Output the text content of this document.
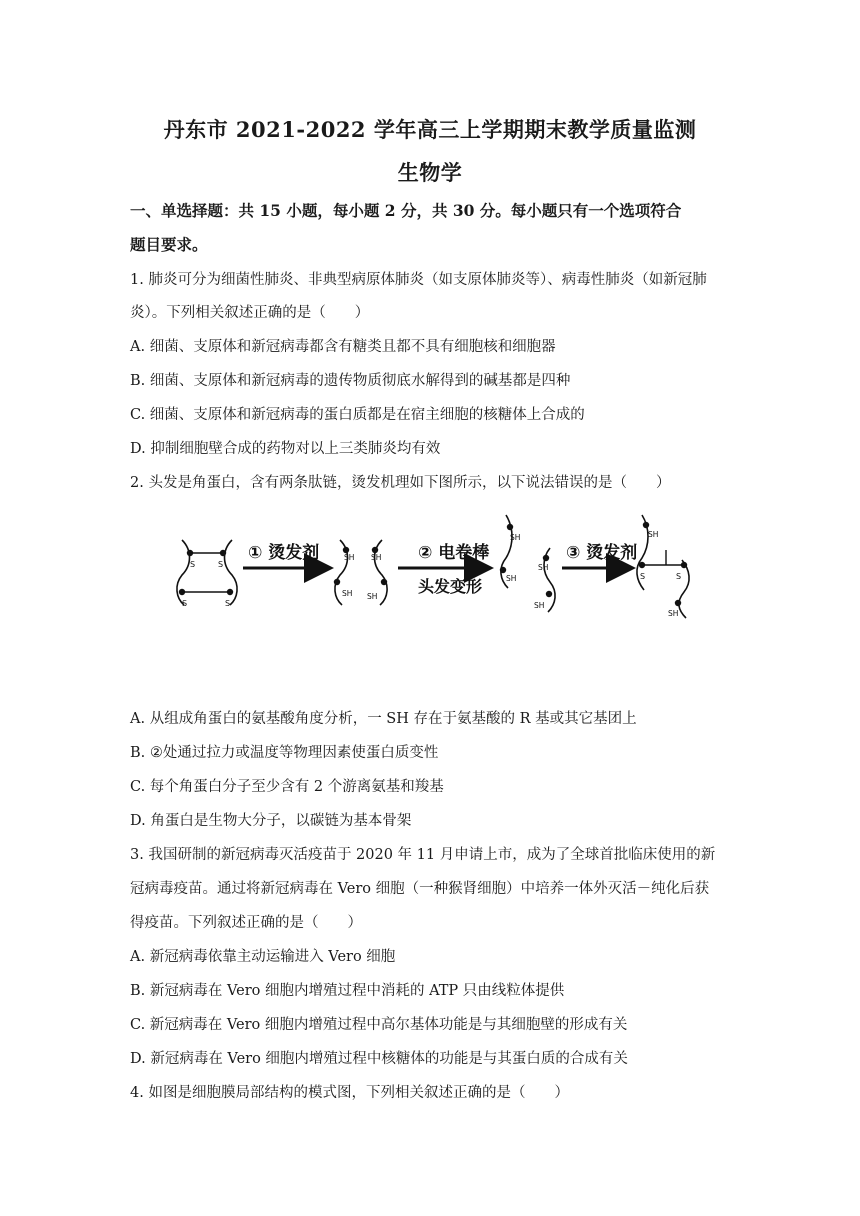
丹东市 2021-2022 学年高三上学期期末教学质量监测
生物学
一、单选择题：共 15 小题，每小题 2 分，共 30 分。每小题只有一个选项符合
题目要求。
1. 肺炎可分为细菌性肺炎、非典型病原体肺炎（如支原体肺炎等）、病毒性肺炎（如新冠肺
炎）。下列相关叙述正确的是（　　）
A. 细菌、支原体和新冠病毒都含有糖类且都不具有细胞核和细胞器
B. 细菌、支原体和新冠病毒的遗传物质彻底水解得到的碱基都是四种
C. 细菌、支原体和新冠病毒的蛋白质都是在宿主细胞的核糖体上合成的
D. 抑制细胞壁合成的药物对以上三类肺炎均有效
2. 头发是角蛋白，含有两条肽链，烫发机理如下图所示，以下说法错误的是（　　）
S	S
S	S
① 烫发剂	SH SH
SH SH
② 电卷棒
头发变形
SH
SH
SH
SH
③ 烫发剂
SH
S	S
SH
A. 从组成角蛋白的氨基酸角度分析，一 SH 存在于氨基酸的 R 基或其它基团上
B. ②处通过拉力或温度等物理因素使蛋白质变性
C. 每个角蛋白分子至少含有 2 个游离氨基和羧基
D. 角蛋白是生物大分子，以碳链为基本骨架
3. 我国研制的新冠病毒灭活疫苗于 2020 年 11 月申请上市，成为了全球首批临床使用的新
冠病毒疫苗。通过将新冠病毒在 Vero 细胞（一种猴肾细胞）中培养一体外灭活－纯化后获
得疫苗。下列叙述正确的是（　　）
A. 新冠病毒依靠主动运输进入 Vero 细胞
B. 新冠病毒在 Vero 细胞内增殖过程中消耗的 ATP 只由线粒体提供
C. 新冠病毒在 Vero 细胞内增殖过程中高尔基体功能是与其细胞壁的形成有关
D. 新冠病毒在 Vero 细胞内增殖过程中核糖体的功能是与其蛋白质的合成有关
4. 如图是细胞膜局部结构的模式图，下列相关叙述正确的是（　　）
